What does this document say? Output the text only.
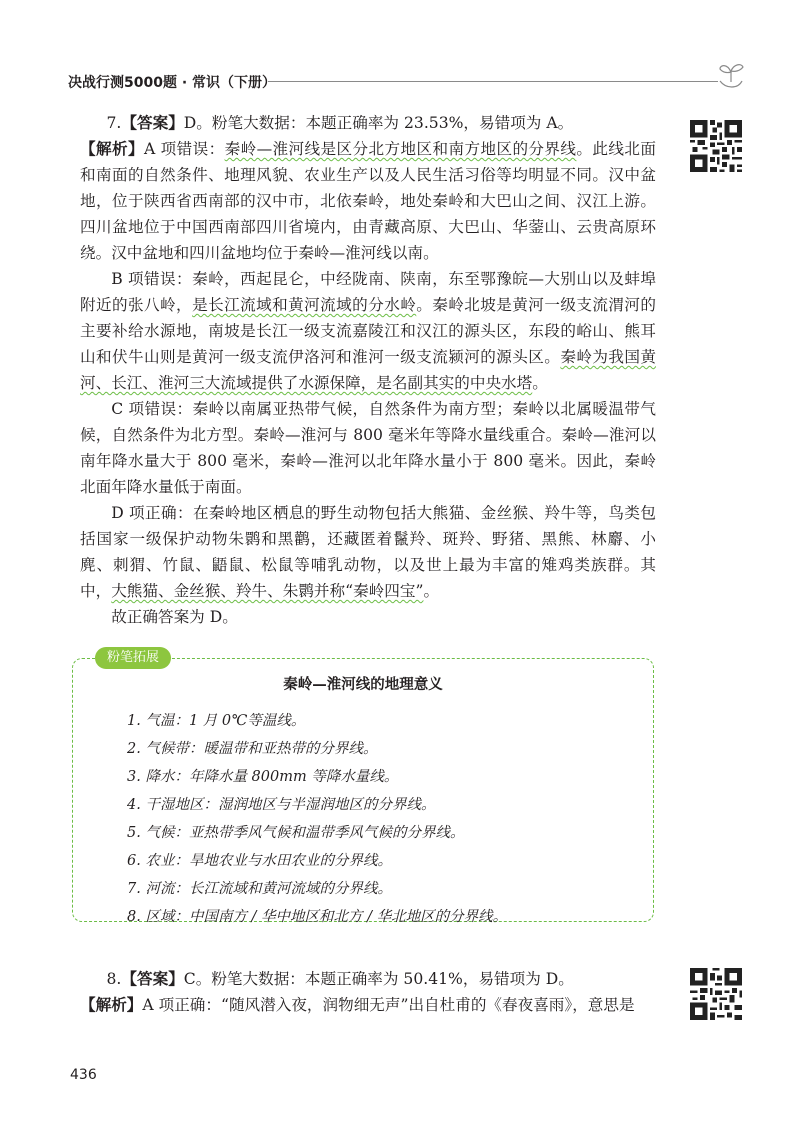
决战行测5000题 · 常识（下册）

7.【答案】D。粉笔大数据：本题正确率为 23.53%，易错项为 A。

【解析】A 项错误：秦岭—淮河线是区分北方地区和南方地区的分界线。此线北面和南面的自然条件、地理风貌、农业生产以及人民生活习俗等均明显不同。汉中盆地，位于陕西省西南部的汉中市，北依秦岭，地处秦岭和大巴山之间、汉江上游。四川盆地位于中国西南部四川省境内，由青藏高原、大巴山、华蓥山、云贵高原环绕。汉中盆地和四川盆地均位于秦岭—淮河线以南。

B 项错误：秦岭，西起昆仑，中经陇南、陕南，东至鄂豫皖—大别山以及蚌埠附近的张八岭，是长江流域和黄河流域的分水岭。秦岭北坡是黄河一级支流渭河的主要补给水源地，南坡是长江一级支流嘉陵江和汉江的源头区，东段的峪山、熊耳山和伏牛山则是黄河一级支流伊洛河和淮河一级支流颍河的源头区。秦岭为我国黄河、长江、淮河三大流域提供了水源保障，是名副其实的中央水塔。

C 项错误：秦岭以南属亚热带气候，自然条件为南方型；秦岭以北属暖温带气候，自然条件为北方型。秦岭—淮河与 800 毫米年等降水量线重合。秦岭—淮河以南年降水量大于 800 毫米，秦岭—淮河以北年降水量小于 800 毫米。因此，秦岭北面年降水量低于南面。

D 项正确：在秦岭地区栖息的野生动物包括大熊猫、金丝猴、羚牛等，鸟类包括国家一级保护动物朱鹮和黑鹳，还藏匿着鬣羚、斑羚、野猪、黑熊、林麝、小麂、刺猬、竹鼠、鼯鼠、松鼠等哺乳动物，以及世上最为丰富的雉鸡类族群。其中，大熊猫、金丝猴、羚牛、朱鹮并称“秦岭四宝”。

故正确答案为 D。

粉笔拓展
秦岭—淮河线的地理意义
1. 气温：1 月 0℃等温线。
2. 气候带：暖温带和亚热带的分界线。
3. 降水：年降水量 800mm 等降水量线。
4. 干湿地区：湿润地区与半湿润地区的分界线。
5. 气候：亚热带季风气候和温带季风气候的分界线。
6. 农业：旱地农业与水田农业的分界线。
7. 河流：长江流域和黄河流域的分界线。
8. 区域：中国南方 / 华中地区和北方 / 华北地区的分界线。

8.【答案】C。粉笔大数据：本题正确率为 50.41%，易错项为 D。

【解析】A 项正确：“随风潜入夜，润物细无声”出自杜甫的《春夜喜雨》，意思是

436
